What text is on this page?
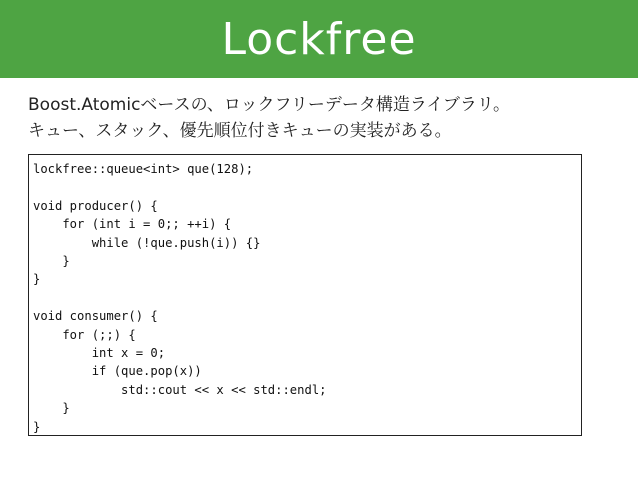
Lockfree
Boost.Atomicベースの、ロックフリーデータ構造ライブラリ。
キュー、スタック、優先順位付きキューの実装がある。
lockfree::queue<int> que(128);

void producer() {
for (int i = 0;; ++i) {
while (!que.push(i)) {}
}
}

void consumer() {
for (;;) {
int x = 0;
if (que.pop(x))
std::cout << x << std::endl;
}
}
